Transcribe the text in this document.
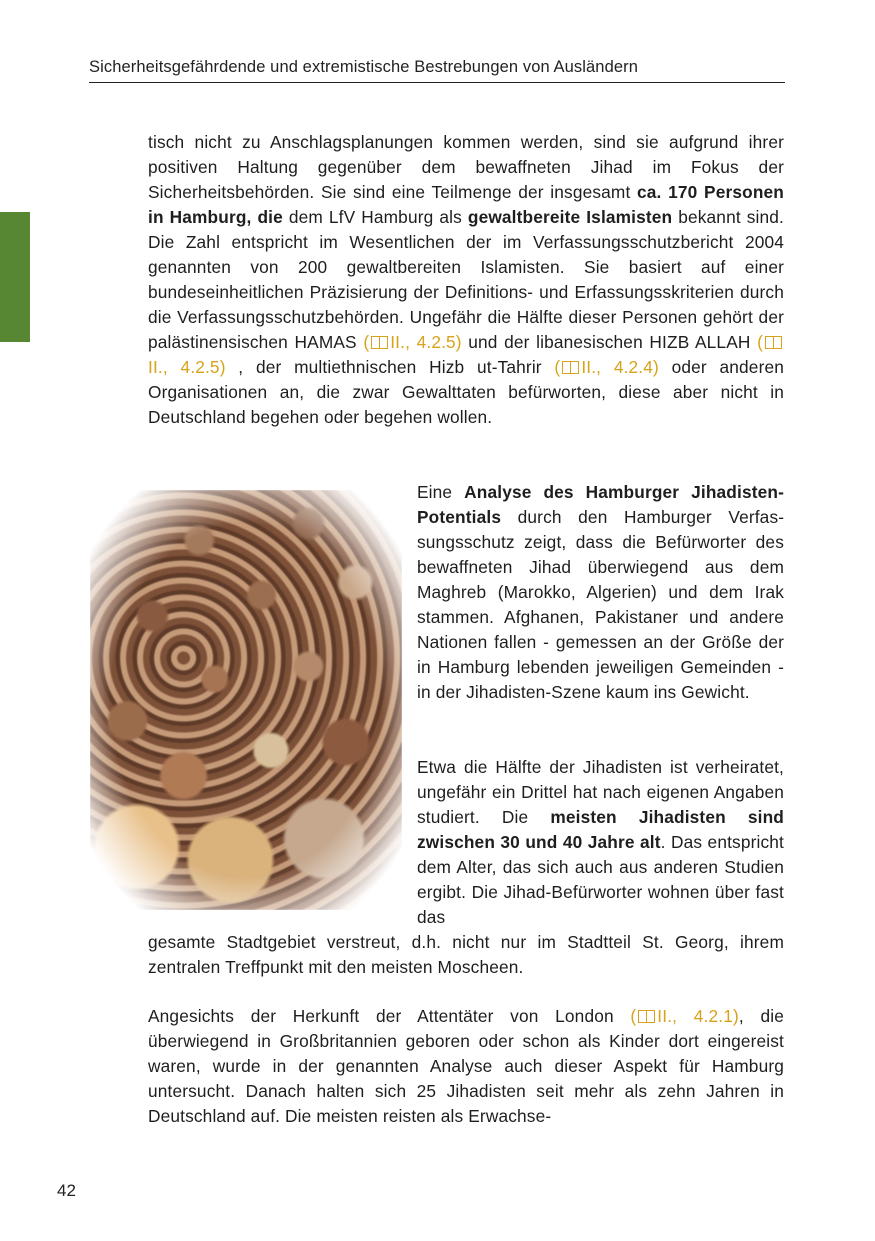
Sicherheitsgefährdende und extremistische Bestrebungen von Ausländern
tisch nicht zu Anschlagsplanungen kommen werden, sind sie aufgrund ihrer positiven Haltung gegenüber dem bewaffneten Jihad im Fokus der Sicherheitsbehörden. Sie sind eine Teilmenge der insgesamt ca. 170 Personen in Hamburg, die dem LfV Hamburg als gewaltbereite Islamisten bekannt sind. Die Zahl entspricht im Wesentlichen der im Verfassungsschutzbericht 2004 genannten von 200 gewaltbereiten Islamisten. Sie basiert auf einer bundeseinheitlichen Präzisierung der Definitions- und Erfassungsskriterien durch die Verfassungsschutzbehörden. Ungefähr die Hälfte dieser Personen gehört der palästinensischen HAMAS ( II., 4.2.5) und der libanesischen HIZB ALLAH (II., 4.2.5) , der multiethnischen Hizb ut-Tahrir ( II., 4.2.4) oder anderen Organisationen an, die zwar Gewalttaten befürworten, diese aber nicht in Deutschland begehen oder begehen wollen.
Eine Analyse des Hamburger Jihadisten-Potentials durch den Hamburger Verfassungsschutz zeigt, dass die Befürworter des bewaffneten Jihad überwiegend aus dem Maghreb (Marokko, Algerien) und dem Irak stammen. Afghanen, Pakistaner und andere Nationen fallen - gemessen an der Größe der in Hamburg lebenden jeweiligen Gemeinden - in der Jihadisten-Szene kaum ins Gewicht.
Etwa die Hälfte der Jihadisten ist verheiratet, ungefähr ein Drittel hat nach eigenen Angaben studiert. Die meisten Jihadisten sind zwischen 30 und 40 Jahre alt. Das entspricht dem Alter, das sich auch aus anderen Studien ergibt. Die Jihad-Befürworter wohnen über fast das
gesamte Stadtgebiet verstreut, d.h. nicht nur im Stadtteil St. Georg, ihrem zentralen Treffpunkt mit den meisten Moscheen.
Angesichts der Herkunft der Attentäter von London ( II., 4.2.1), die überwiegend in Großbritannien geboren oder schon als Kinder dort eingereist waren, wurde in der genannten Analyse auch dieser Aspekt für Hamburg untersucht. Danach halten sich 25 Jihadisten seit mehr als zehn Jahren in Deutschland auf. Die meisten reisten als Erwachse-
42
